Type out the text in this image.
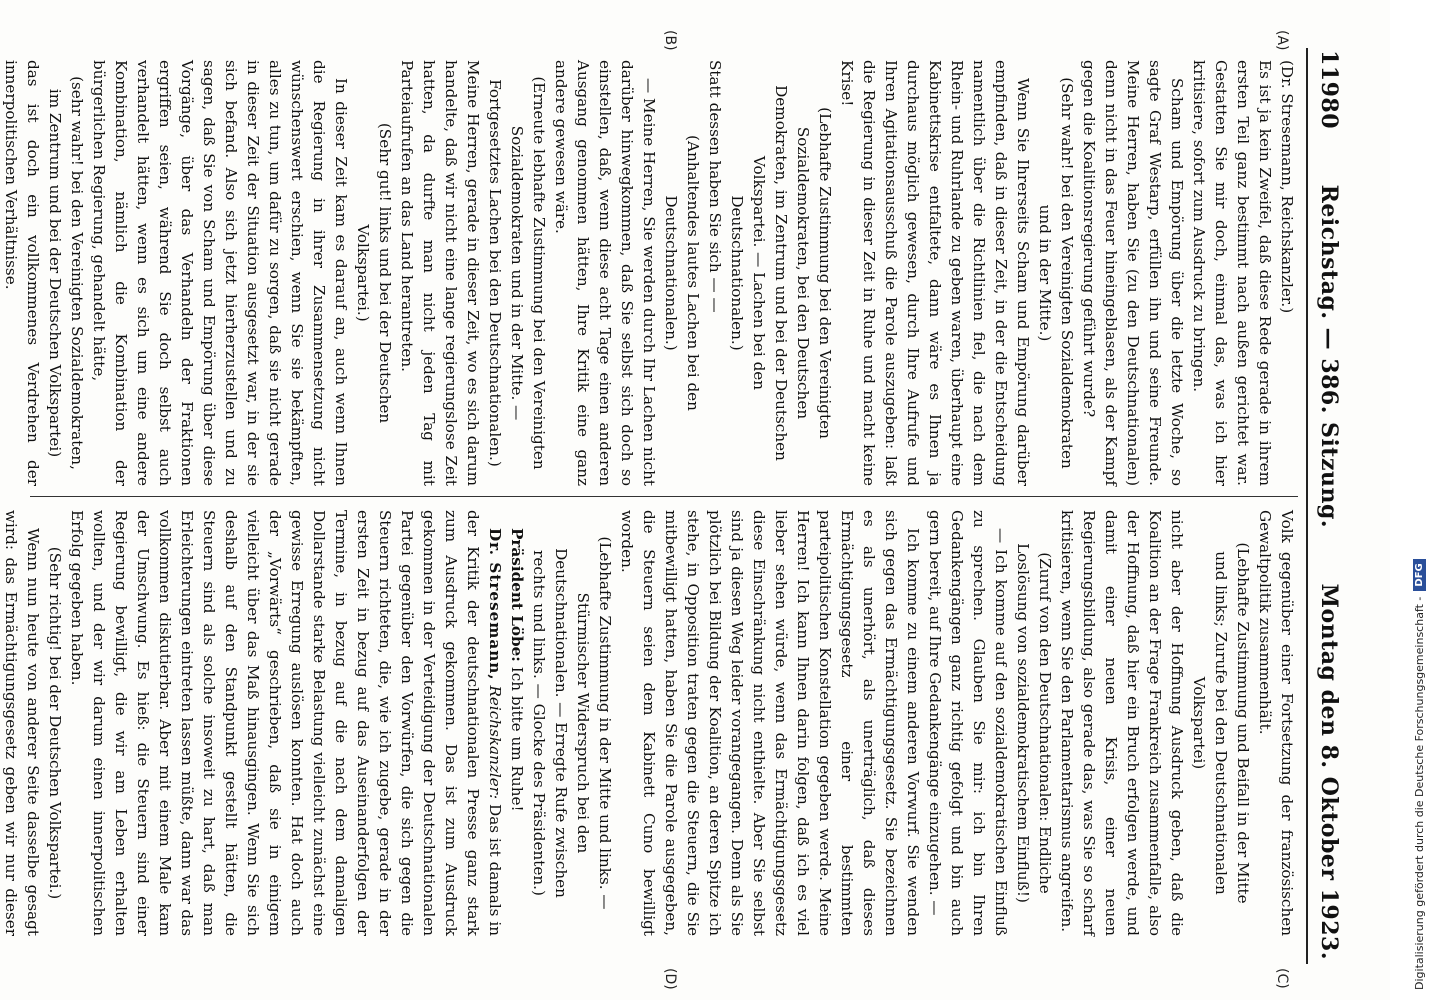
11980
Reichstag. — 386. Sitzung.
Montag den 8. Oktober 1923.
(A)
(B)
(C)
(D)

(Dr. Stresemann, Reichskanzler.)

Es ist ja kein Zweifel, daß diese Rede gerade in ihrem ersten Teil ganz bestimmt nach außen gerichtet war. Gestatten Sie mir doch, einmal das, was ich hier kritisiere, sofort zum Ausdruck zu bringen.

Scham und Empörung über die letzte Woche, so sagte Graf Westarp, erfüllen ihn und seine Freunde. Meine Herren, haben Sie (zu den Deutschnationalen) denn nicht in das Feuer hineingeblasen, als der Kampf gegen die Koalitionsregierung geführt wurde?

(Sehr wahr! bei den Vereinigten Sozialdemokraten und in der Mitte.)

Wenn Sie Ihrerseits Scham und Empörung darüber empfinden, daß in dieser Zeit, in der die Entscheidung namentlich über die Richtlinien fiel, die nach dem Rhein- und Ruhrlande zu geben waren, überhaupt eine Kabinettskrise entfaltete, dann wäre es Ihnen ja durchaus möglich gewesen, durch Ihre Aufrufe und Ihren Agitationsausschuß die Parole auszugeben: laßt die Regierung in dieser Zeit in Ruhe und macht keine Krise!

(Lebhafte Zustimmung bei den Vereinigten Sozialdemokraten, bei den Deutschen Demokraten, im Zentrum und bei der Deutschen Volkspartei. — Lachen bei den Deutschnationalen.)

Statt dessen haben Sie sich — —

(Anhaltendes lautes Lachen bei den Deutschnationalen.)

— Meine Herren, Sie werden durch Ihr Lachen nicht darüber hinwegkommen, daß Sie selbst sich doch so einstellen, daß, wenn diese acht Tage einen anderen Ausgang genommen hätten, Ihre Kritik eine ganz andere gewesen wäre.

(Erneute lebhafte Zustimmung bei den Vereinigten Sozialdemokraten und in der Mitte. — Fortgesetztes Lachen bei den Deutschnationalen.)

Meine Herren, gerade in dieser Zeit, wo es sich darum handelte, daß wir nicht eine lange regierungslose Zeit hatten, da durfte man nicht jeden Tag mit Parteiaufrufen an das Land herantreten.

(Sehr gut! links und bei der Deutschen Volkspartei.)

In dieser Zeit kam es darauf an, auch wenn Ihnen die Regierung in ihrer Zusammensetzung nicht wünschenswert erschien, wenn Sie sie bekämpften, alles zu tun, um dafür zu sorgen, daß sie nicht gerade in dieser Zeit der Situation ausgesetzt war, in der sie sich befand. Also sich jetzt hierherzustellen und zu sagen, daß Sie von Scham und Empörung über diese Vorgänge, über das Verhandeln der Fraktionen ergriffen seien, während Sie doch selbst auch verhandelt hätten, wenn es sich um eine andere Kombination, nämlich die Kombination der bürgerlichen Regierung, gehandelt hätte,

(sehr wahr! bei den Vereinigten Sozialdemokraten, im Zentrum und bei der Deutschen Volkspartei)

das ist doch ein vollkommenes Verdrehen der innerpolitischen Verhältnisse.

Volk gegenüber einer Fortsetzung der französischen Gewaltpolitik zusammenhält.

(Lebhafte Zustimmung und Beifall in der Mitte und links; Zurufe bei den Deutschnationalen Volkspartei)

nicht aber der Hoffnung Ausdruck geben, daß die Koalition an der Frage Frankreich zusammenfalle, also der Hoffnung, daß hier ein Bruch erfolgen werde, und damit einer neuen Krisis, einer neuen Regierungsbildung, also gerade das, was Sie so scharf kritisieren, wenn Sie den Parlamentarismus angreifen.

(Zuruf von den Deutschnationalen: Endliche Loslösung von sozialdemokratischem Einfluß!)

— Ich komme auf den sozialdemokratischen Einfluß zu sprechen. Glauben Sie mir: ich bin Ihren Gedankengängen ganz richtig gefolgt und bin auch gern bereit, auf Ihre Gedankengänge einzugehen. —

Ich komme zu einem anderen Vorwurf. Sie wenden sich gegen das Ermächtigungsgesetz. Sie bezeichnen es als unerhört, als unerträglich, daß dieses Ermächtigungsgesetz einer bestimmten parteipolitischen Konstellation gegeben werde. Meine Herren! Ich kann Ihnen darin folgen, daß ich es viel lieber sehen würde, wenn das Ermächtigungsgesetz diese Einschränkung nicht enthielte. Aber Sie selbst sind ja diesen Weg leider vorangegangen. Denn als Sie plötzlich bei Bildung der Koalition, an deren Spitze ich stehe, in Opposition traten gegen die Steuern, die Sie mitbewilligt hatten, haben Sie die Parole ausgegeben, die Steuern seien dem Kabinett Cuno bewilligt worden.

(Lebhafte Zustimmung in der Mitte und links. — Stürmischer Widerspruch bei den Deutschnationalen. — Erregte Rufe zwischen rechts und links. — Glocke des Präsidenten.)

Präsident Löbe: Ich bitte um Ruhe!

Dr. Stresemann, Reichskanzler: Das ist damals in der Kritik der deutschnationalen Presse ganz stark zum Ausdruck gekommen. Das ist zum Ausdruck gekommen in der Verteidigung der Deutschnationalen Partei gegenüber den Vorwürfen, die sich gegen die Steuern richteten, die, wie ich zugebe, gerade in der ersten Zeit in bezug auf das Auseinanderfolgen der Termine, in bezug auf die nach dem damaligen Dollarstande starke Belastung vielleicht zunächst eine gewisse Erregung auslösen konnten. Hat doch auch der „Vorwärts“ geschrieben, daß sie in einigem vielleicht über das Maß hinausgingen. Wenn Sie sich deshalb auf den Standpunkt gestellt hätten, die Steuern sind als solche insoweit zu hart, daß man Erleichterungen eintreten lassen müßte, dann war das vollkommen diskutierbar. Aber mit einem Male kam der Umschwung. Es hieß: die Steuern sind einer Regierung bewilligt, die wir am Leben erhalten wollten, und der wir darum einen innerpolitischen Erfolg gegeben haben.

(Sehr richtig! bei der Deutschen Volkspartei.)

Wenn nun heute von anderer Seite dasselbe gesagt wird: das Ermächtigungsgesetz geben wir nur dieser	Digitalisierung gefördert durch die Deutsche Forschungsgemeinschaft -
DFG
